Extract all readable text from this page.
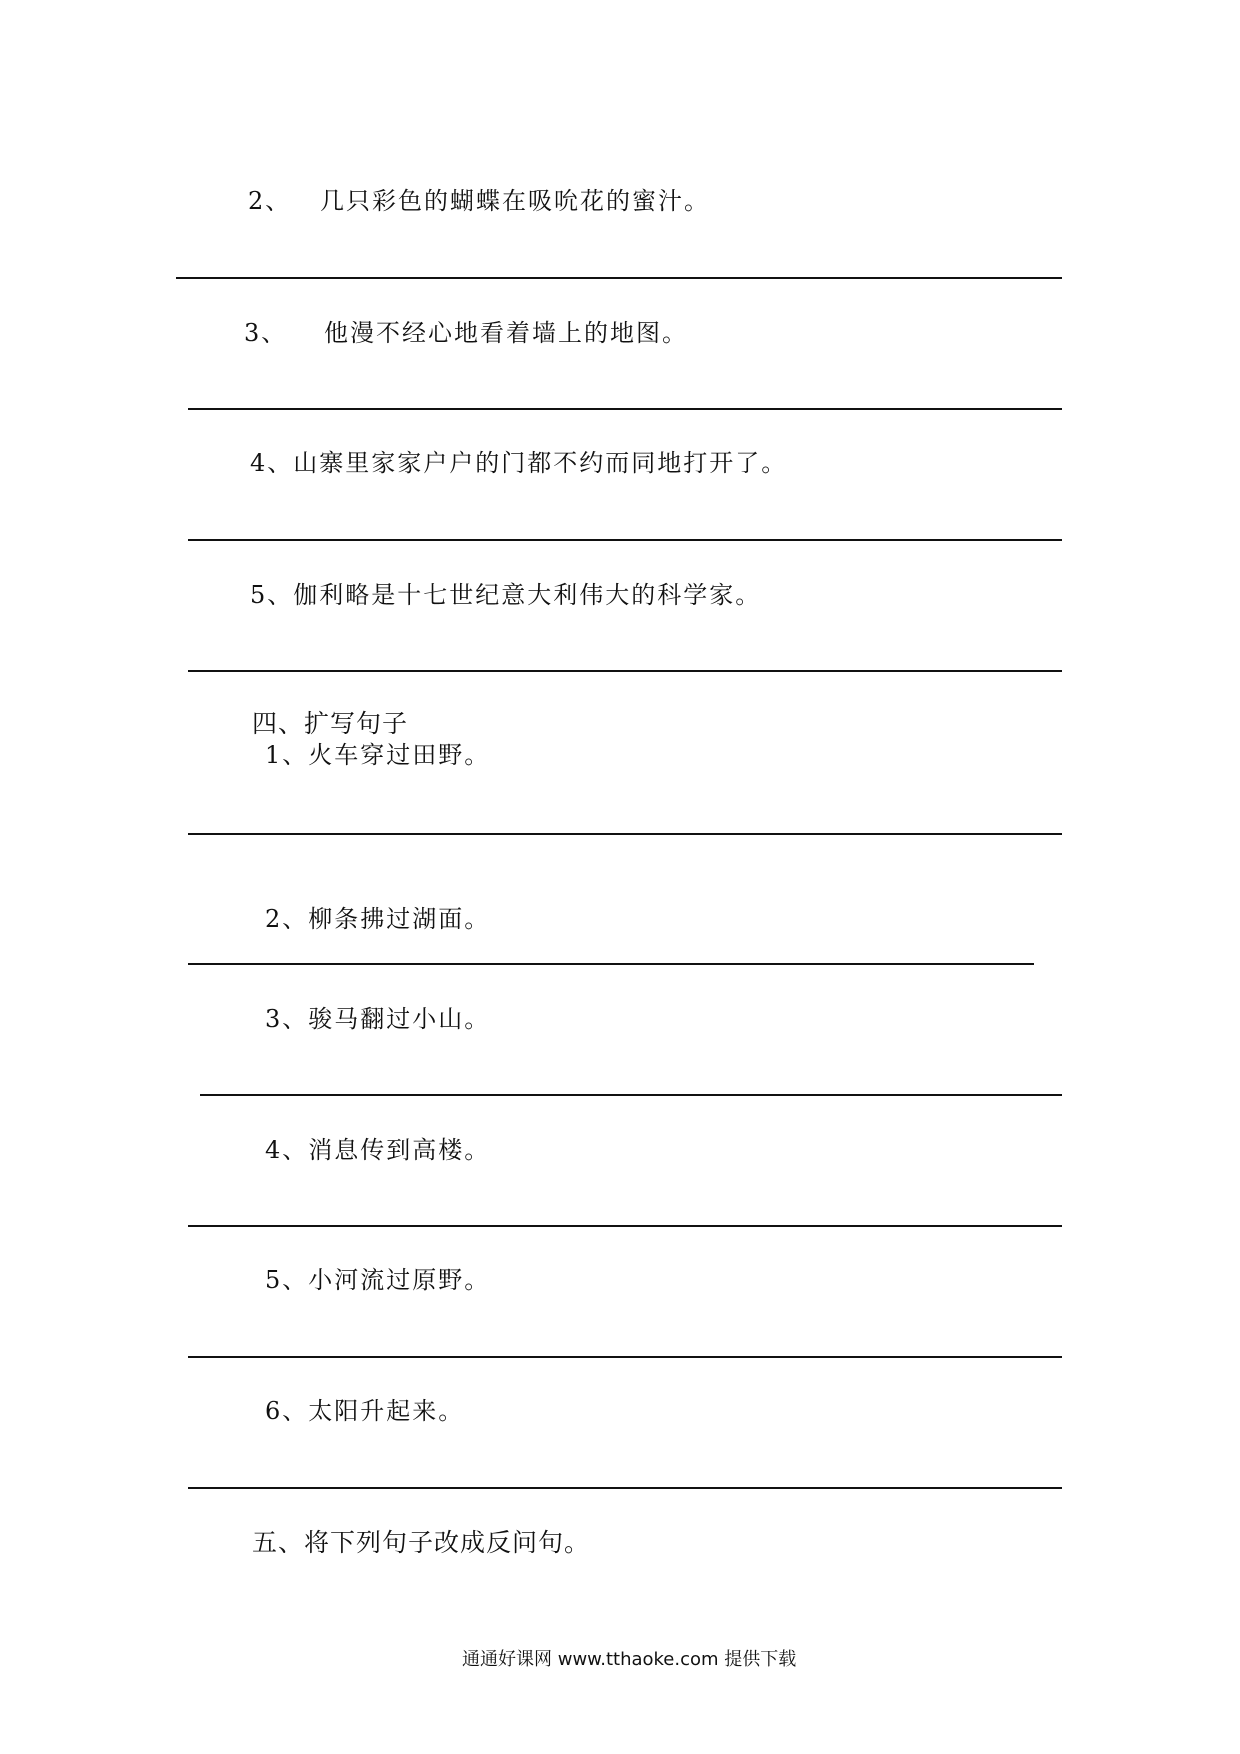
2、 几只彩色的蝴蝶在吸吮花的蜜汁。
3、 他漫不经心地看着墙上的地图。
4、山寨里家家户户的门都不约而同地打开了。
5、伽利略是十七世纪意大利伟大的科学家。
四、扩写句子
1、火车穿过田野。
2、柳条拂过湖面。
3、骏马翻过小山。
4、消息传到高楼。
5、小河流过原野。
6、太阳升起来。
五、将下列句子改成反问句。
通通好课网 www.tthaoke.com 提供下载
